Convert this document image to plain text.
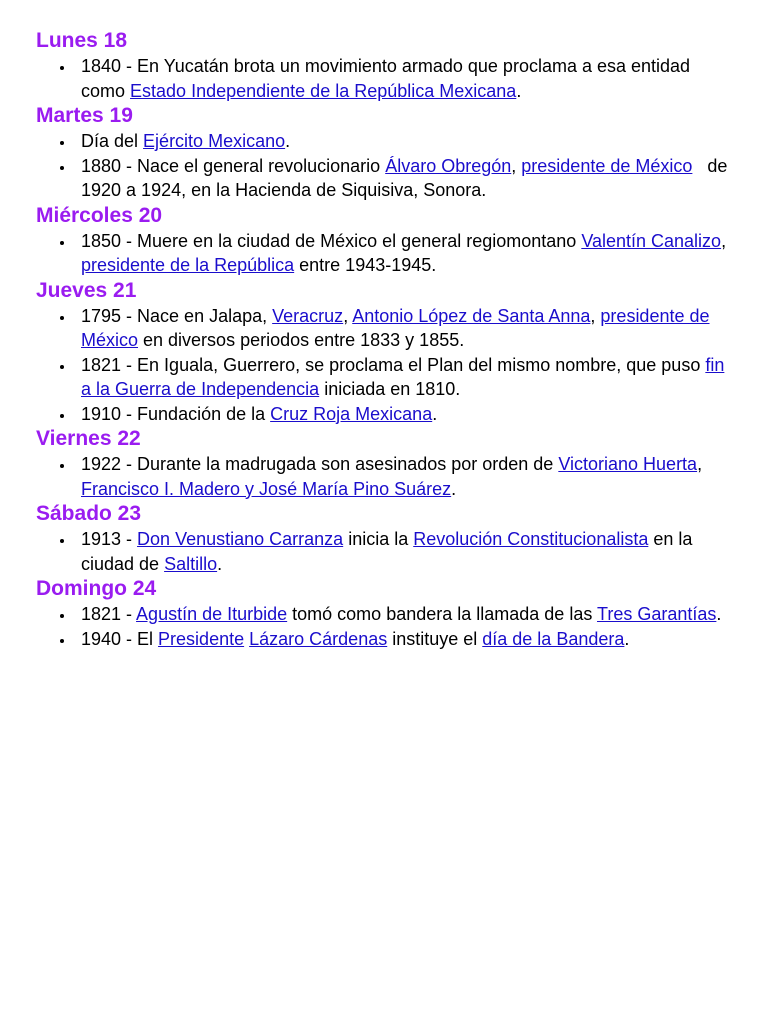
Lunes 18
1840 - En Yucatán brota un movimiento armado que proclama a esa entidad como Estado Independiente de la República Mexicana.
Martes 19
Día del Ejército Mexicano.
1880 - Nace el general revolucionario Álvaro Obregón, presidente de México   de 1920 a 1924, en la Hacienda de Siquisiva, Sonora.
Miércoles 20
1850 - Muere en la ciudad de México el general regiomontano Valentín Canalizo, presidente de la República entre 1943-1945.
Jueves 21
1795 - Nace en Jalapa, Veracruz, Antonio López de Santa Anna, presidente de México en diversos periodos entre 1833 y 1855.
1821 - En Iguala, Guerrero, se proclama el Plan del mismo nombre, que puso fin a la Guerra de Independencia iniciada en 1810.
1910 - Fundación de la Cruz Roja Mexicana.
Viernes 22
1922 - Durante la madrugada son asesinados por orden de Victoriano Huerta, Francisco I. Madero y José María Pino Suárez.
Sábado 23
1913 - Don Venustiano Carranza inicia la Revolución Constitucionalista en la ciudad de Saltillo.
Domingo 24
1821 - Agustín de Iturbide tomó como bandera la llamada de las Tres Garantías.
1940 - El Presidente Lázaro Cárdenas instituye el día de la Bandera.
